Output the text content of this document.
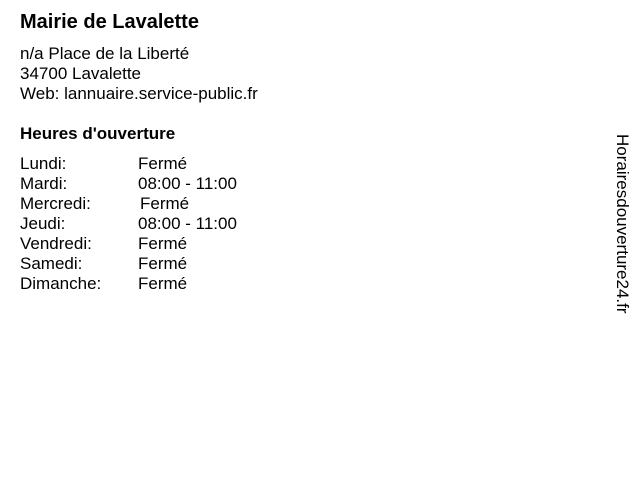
Mairie de Lavalette
n/a Place de la Liberté
34700 Lavalette
Web: lannuaire.service-public.fr
Heures d'ouverture
Lundi:	Fermé
Mardi:	08:00 - 11:00
Mercredi:	Fermé
Jeudi:	08:00 - 11:00
Vendredi:	Fermé
Samedi:	Fermé
Dimanche: Fermé	Horairesdouverture24.fr
